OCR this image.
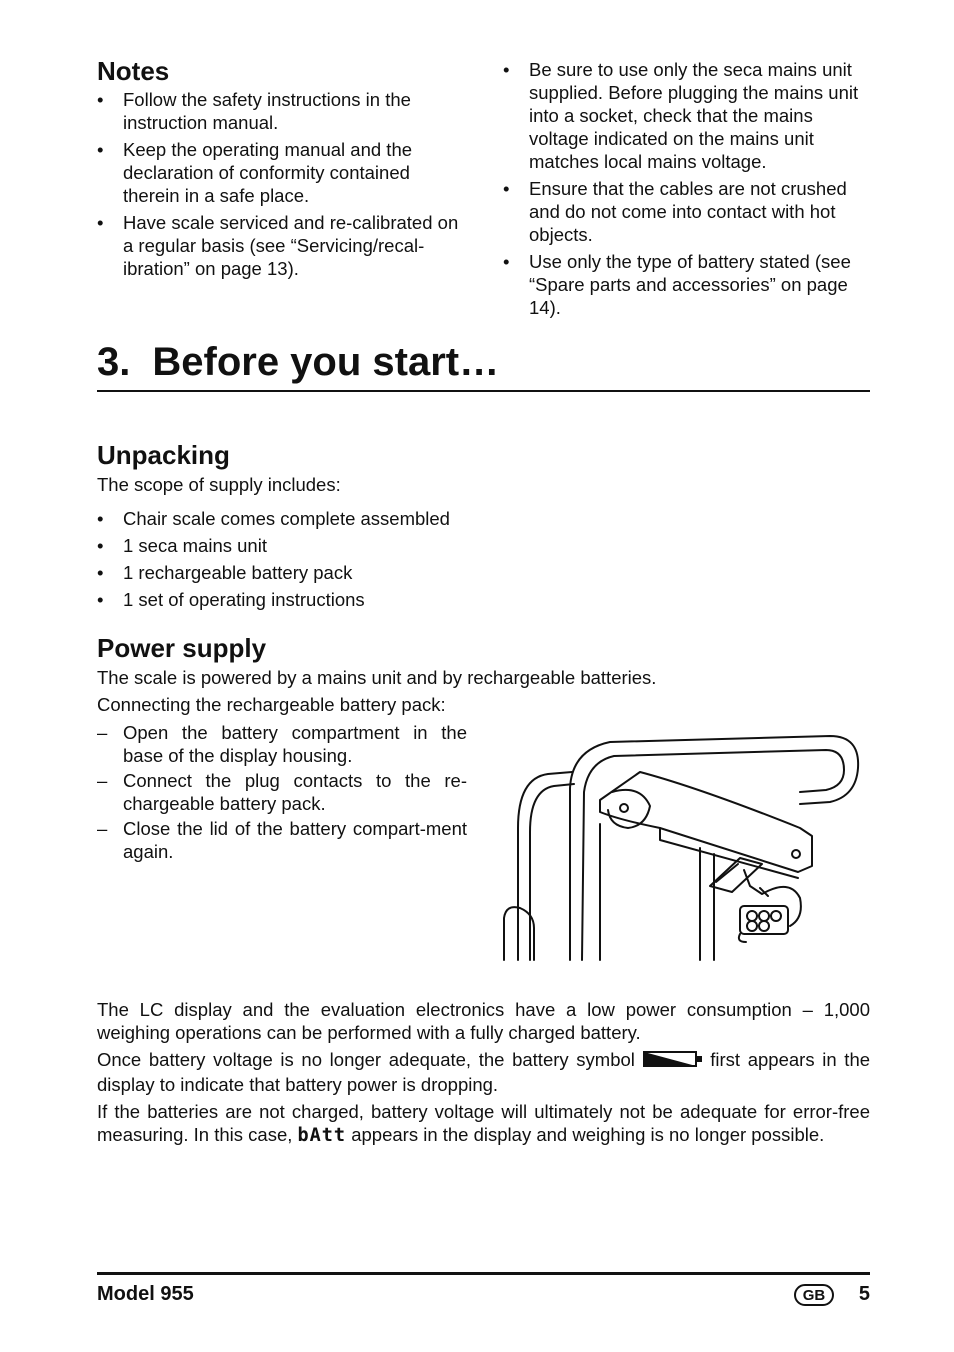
Notes
• Follow the safety instructions in the instruction manual.
• Keep the operating manual and the declaration of conformity contained therein in a safe place.
• Have scale serviced and re-calibrated on a regular basis (see “Servicing/recal-ibration” on page 13).
• Be sure to use only the seca mains unit supplied. Before plugging the mains unit into a socket, check that the mains voltage indicated on the mains unit matches local mains voltage.
• Ensure that the cables are not crushed and do not come into contact with hot objects.
• Use only the type of battery stated (see “Spare parts and accessories” on page 14).
3. Before you start…
Unpacking

The scope of supply includes:

• Chair scale comes complete assembled
• 1 seca mains unit
• 1 rechargeable battery pack
• 1 set of operating instructions
Power supply

The scale is powered by a mains unit and by rechargeable batteries.

Connecting the rechargeable battery pack:

– Open the battery compartment in the base of the display housing.
– Connect the plug contacts to the re-chargeable battery pack.
– Close the lid of the battery compart-ment again.

The LC display and the evaluation electronics have a low power consumption – 1,000 weighing operations can be performed with a fully charged battery.

Once battery voltage is no longer adequate, the battery symbol	first appears in the display to indicate that battery power is dropping.

If the batteries are not charged, battery voltage will ultimately not be adequate for error-free measuring. In this case, bAtt appears in the display and weighing is no longer possible.

Model 955	GB	5
